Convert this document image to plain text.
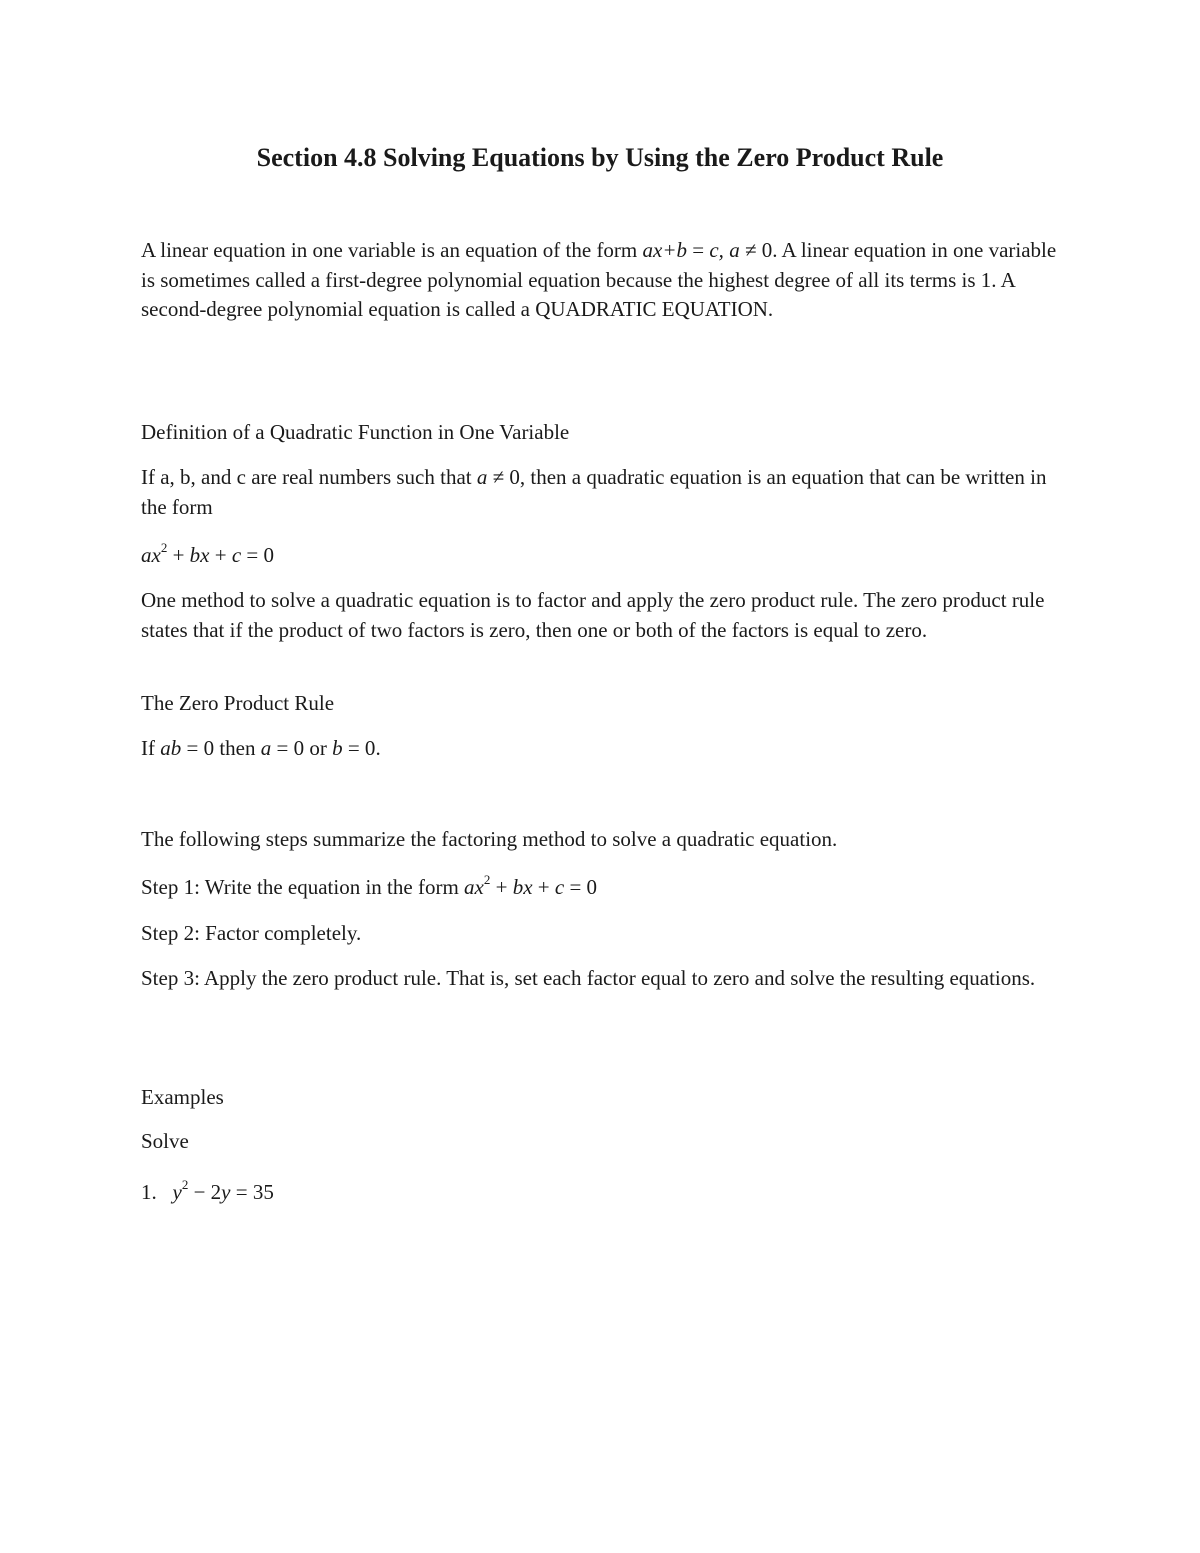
Section 4.8 Solving Equations by Using the Zero Product Rule

A linear equation in one variable is an equation of the form ax+b = c, a ≠ 0. A linear equation in one variable is sometimes called a first-degree polynomial equation because the highest degree of all its terms is 1. A second-degree polynomial equation is called a QUADRATIC EQUATION.

Definition of a Quadratic Function in One Variable

If a, b, and c are real numbers such that a ≠ 0, then a quadratic equation is an equation that can be written in the form

$ax^2$ + bx + c = 0

One method to solve a quadratic equation is to factor and apply the zero product rule. The zero product rule states that if the product of two factors is zero, then one or both of the factors is equal to zero.

The Zero Product Rule

If ab = 0 then a = 0 or b = 0.

The following steps summarize the factoring method to solve a quadratic equation.

Step 1: Write the equation in the form $ax^2$ + bx + c = 0

Step 2: Factor completely.

Step 3: Apply the zero product rule. That is, set each factor equal to zero and solve the resulting equations.

Examples

Solve

1. $y^2 - 2y = 35$
